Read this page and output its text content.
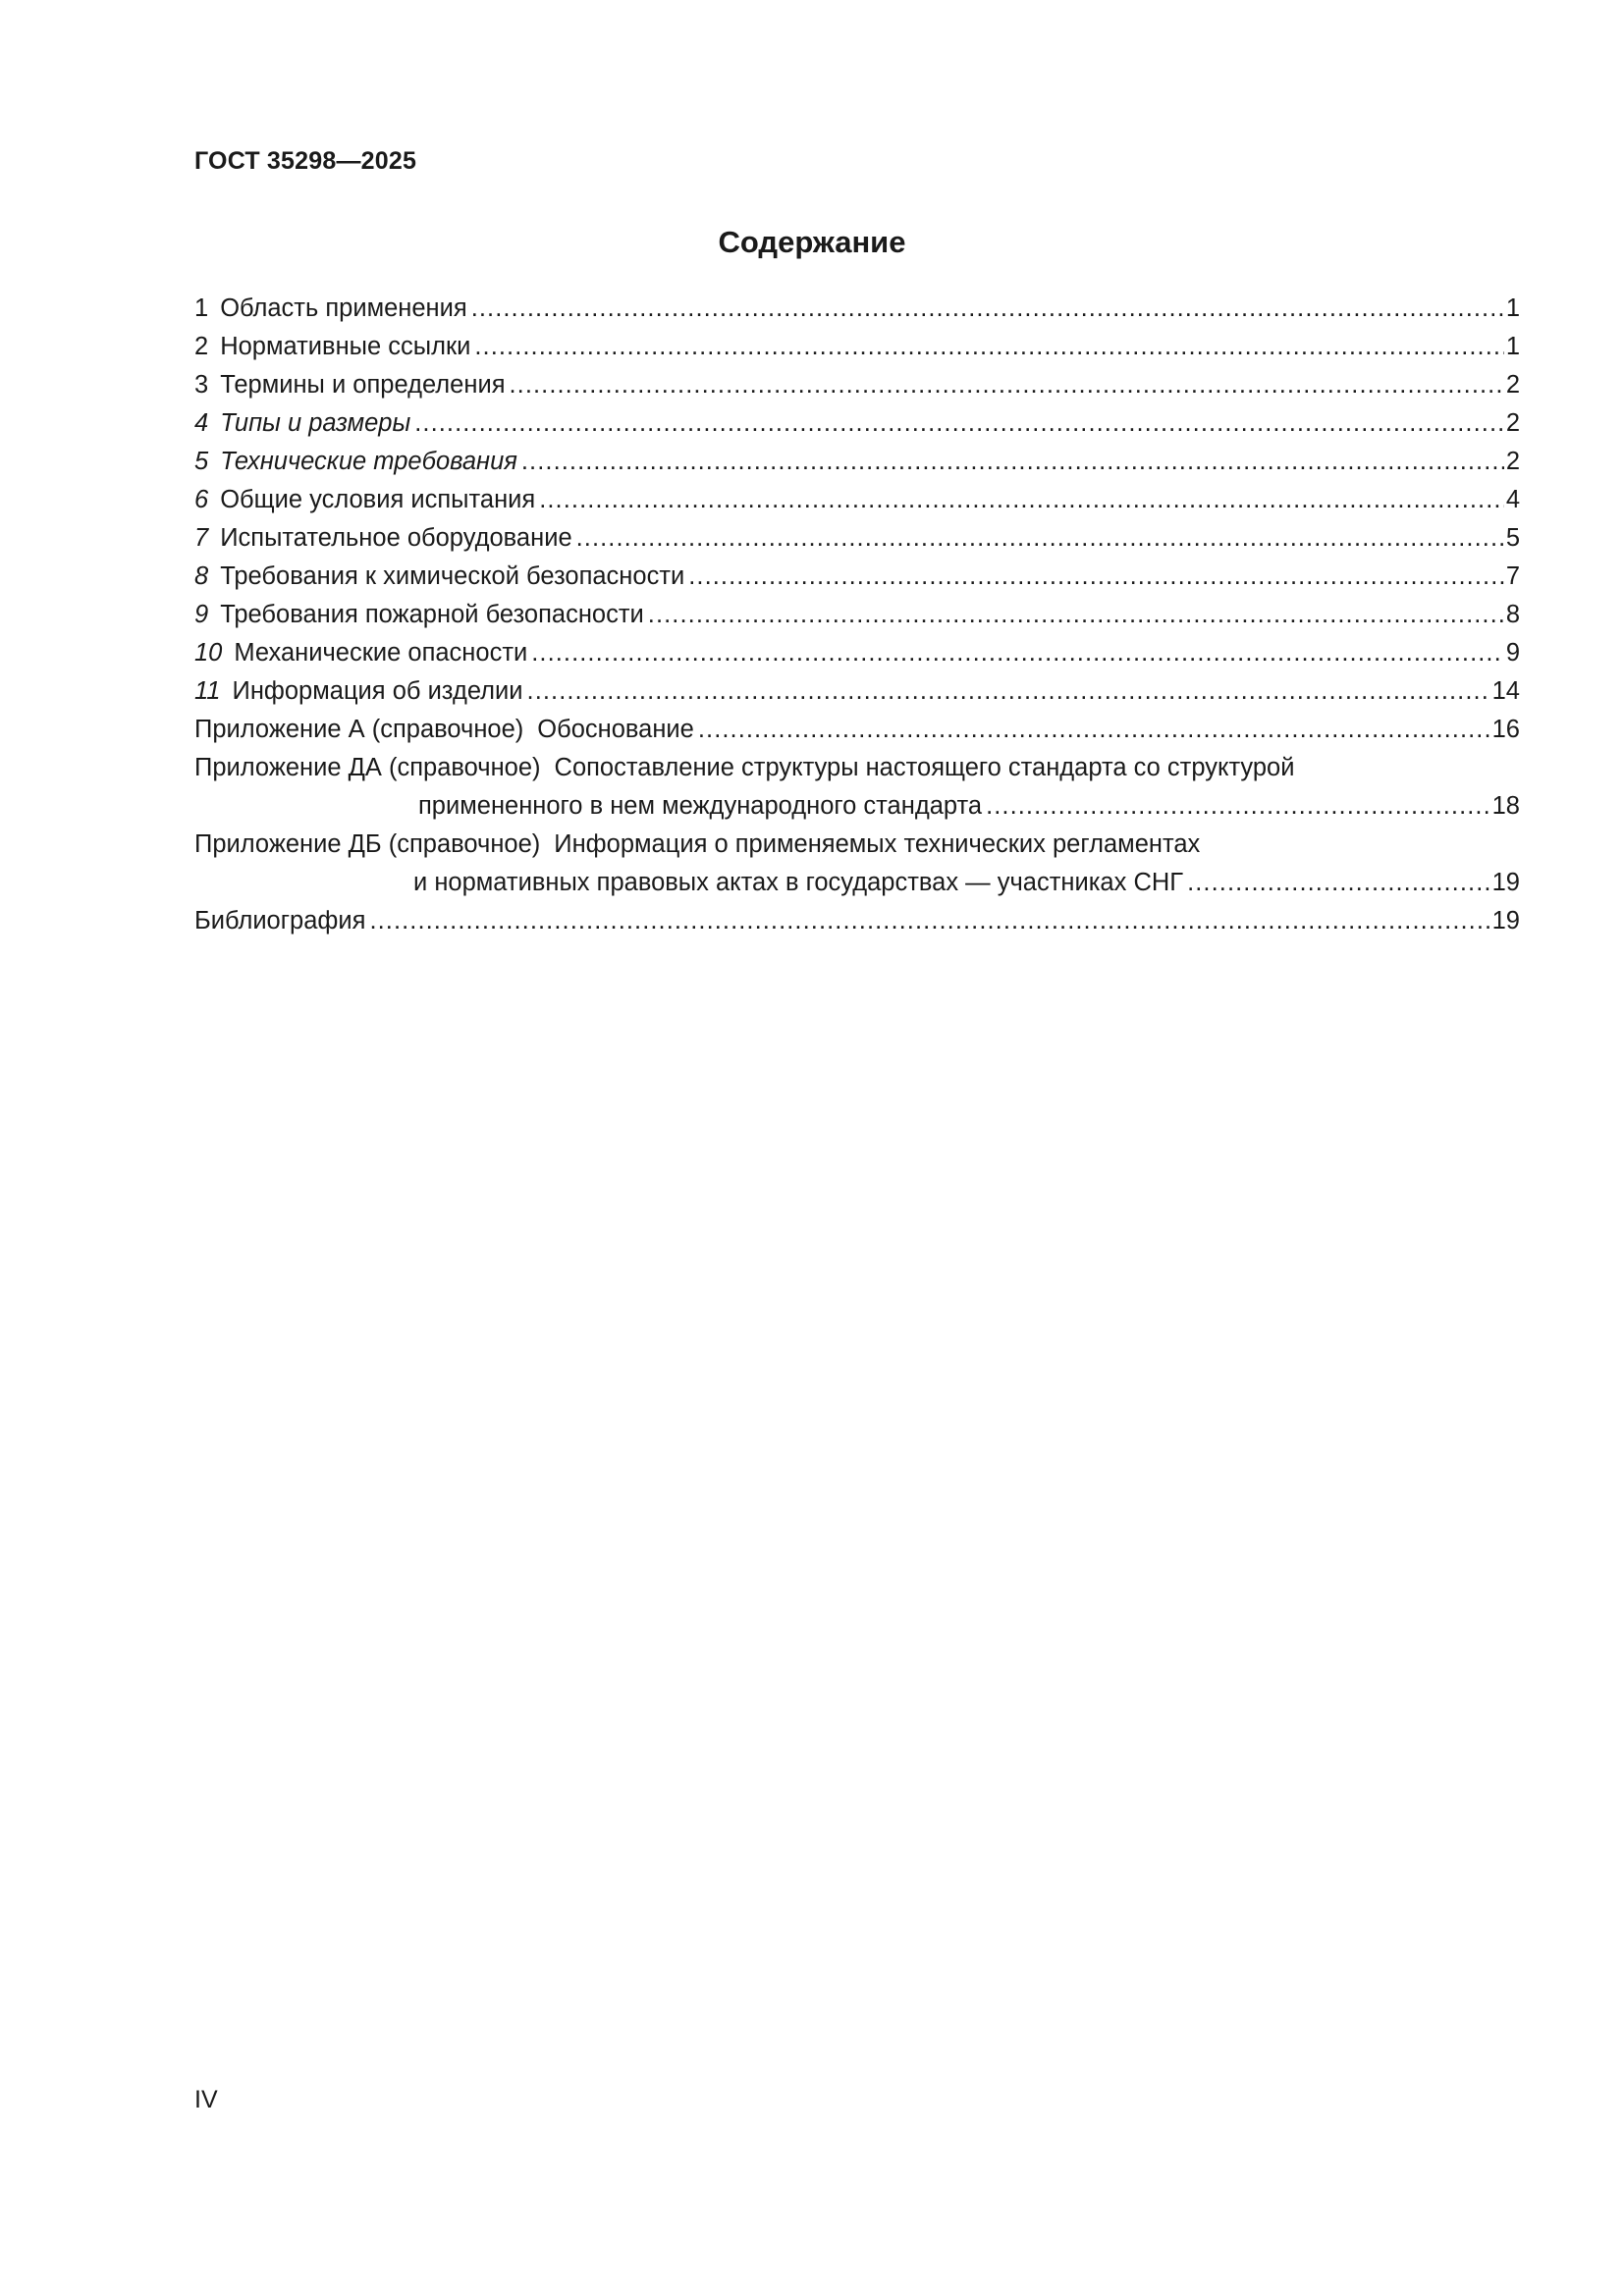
ГОСТ 35298—2025
Содержание
1 Область применения . . .	1
2 Нормативные ссылки . . .	1
3 Термины и определения . . .	2
4 Типы и размеры . . .	2
5 Технические требования . . .	2
6 Общие условия испытания . . .	4
7 Испытательное оборудование . . .	5
8 Требования к химической безопасности . . .	7
9 Требования пожарной безопасности . . .	8
10 Механические опасности . . .	9
11 Информация об изделии . . .	14
Приложение А (справочное) Обоснование . . .	16
Приложение ДА (справочное) Сопоставление структуры настоящего стандарта со структурой
примененного в нем международного стандарта . . .	18
Приложение ДБ (справочное) Информация о применяемых технических регламентах
и нормативных правовых актах в государствах — участниках СНГ . . .	19
Библиография . . .	19
IV
